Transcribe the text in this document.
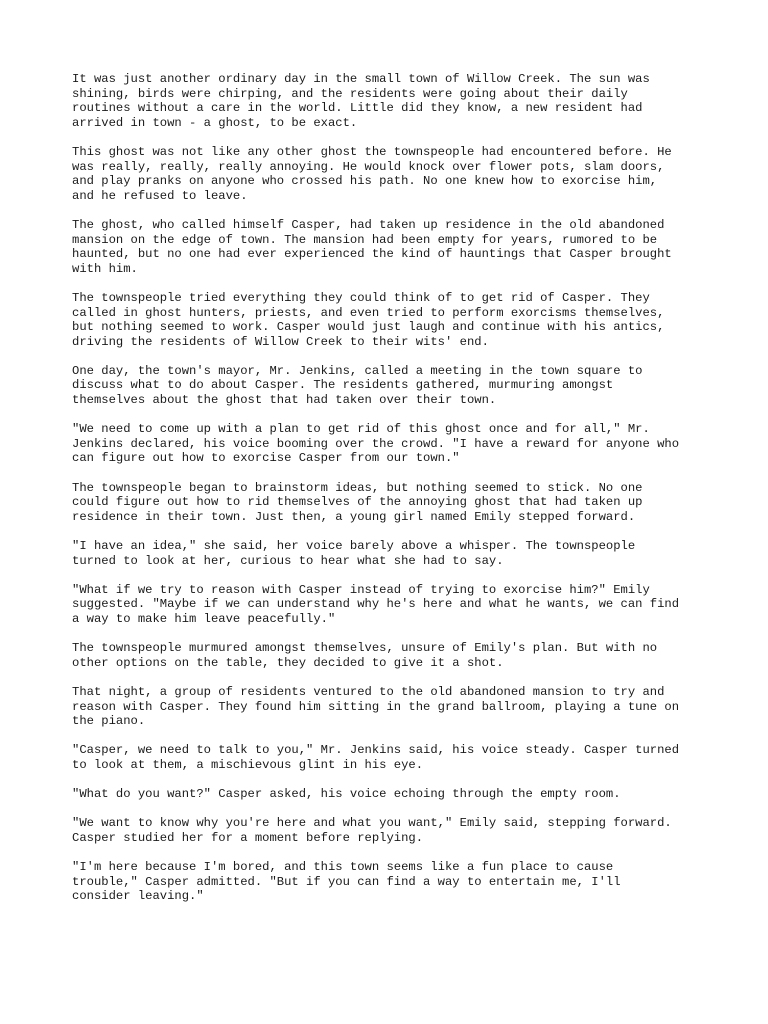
It was just another ordinary day in the small town of Willow Creek. The sun was
shining, birds were chirping, and the residents were going about their daily
routines without a care in the world. Little did they know, a new resident had
arrived in town - a ghost, to be exact.

This ghost was not like any other ghost the townspeople had encountered before. He
was really, really, really annoying. He would knock over flower pots, slam doors,
and play pranks on anyone who crossed his path. No one knew how to exorcise him,
and he refused to leave.

The ghost, who called himself Casper, had taken up residence in the old abandoned
mansion on the edge of town. The mansion had been empty for years, rumored to be
haunted, but no one had ever experienced the kind of hauntings that Casper brought
with him.

The townspeople tried everything they could think of to get rid of Casper. They
called in ghost hunters, priests, and even tried to perform exorcisms themselves,
but nothing seemed to work. Casper would just laugh and continue with his antics,
driving the residents of Willow Creek to their wits' end.

One day, the town's mayor, Mr. Jenkins, called a meeting in the town square to
discuss what to do about Casper. The residents gathered, murmuring amongst
themselves about the ghost that had taken over their town.

"We need to come up with a plan to get rid of this ghost once and for all," Mr.
Jenkins declared, his voice booming over the crowd. "I have a reward for anyone who
can figure out how to exorcise Casper from our town."

The townspeople began to brainstorm ideas, but nothing seemed to stick. No one
could figure out how to rid themselves of the annoying ghost that had taken up
residence in their town. Just then, a young girl named Emily stepped forward.

"I have an idea," she said, her voice barely above a whisper. The townspeople
turned to look at her, curious to hear what she had to say.

"What if we try to reason with Casper instead of trying to exorcise him?" Emily
suggested. "Maybe if we can understand why he's here and what he wants, we can find
a way to make him leave peacefully."

The townspeople murmured amongst themselves, unsure of Emily's plan. But with no
other options on the table, they decided to give it a shot.

That night, a group of residents ventured to the old abandoned mansion to try and
reason with Casper. They found him sitting in the grand ballroom, playing a tune on
the piano.

"Casper, we need to talk to you," Mr. Jenkins said, his voice steady. Casper turned
to look at them, a mischievous glint in his eye.

"What do you want?" Casper asked, his voice echoing through the empty room.

"We want to know why you're here and what you want," Emily said, stepping forward.
Casper studied her for a moment before replying.

"I'm here because I'm bored, and this town seems like a fun place to cause
trouble," Casper admitted. "But if you can find a way to entertain me, I'll
consider leaving."
